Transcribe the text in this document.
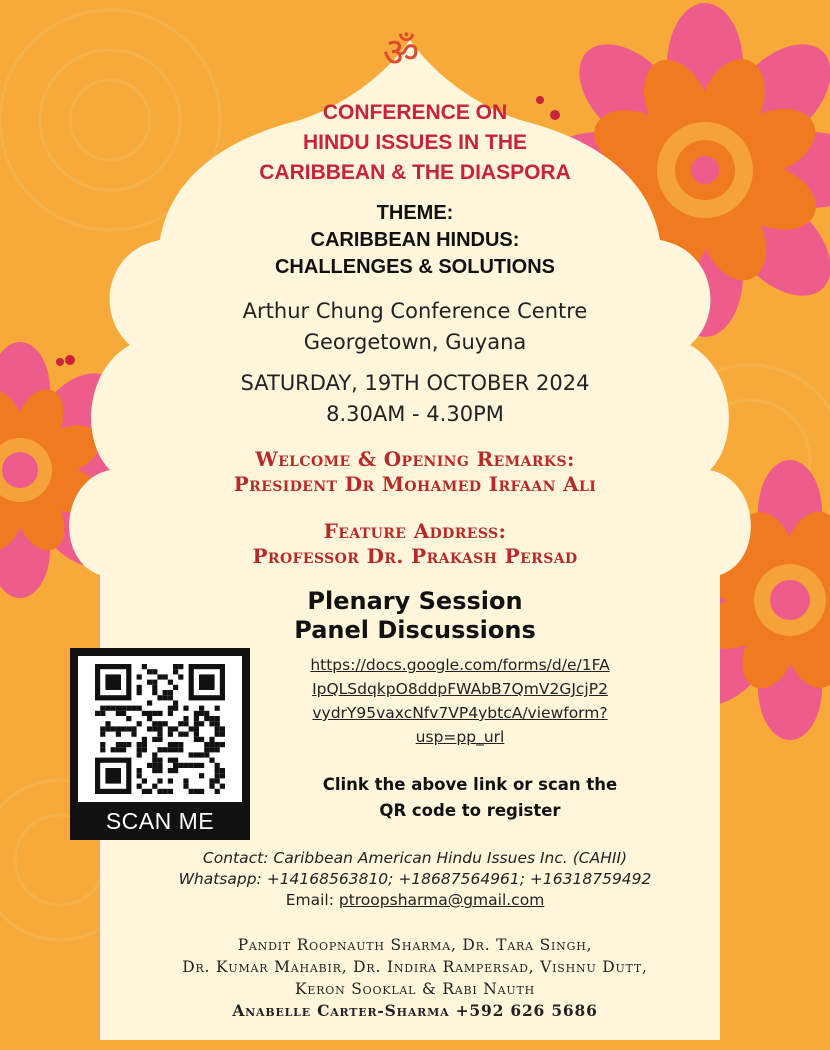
ॐ
CONFERENCE ON
HINDU ISSUES IN THE
CARIBBEAN & THE DIASPORA
THEME:
CARIBBEAN HINDUS:
CHALLENGES & SOLUTIONS
Arthur Chung Conference Centre
Georgetown, Guyana
SATURDAY, 19TH OCTOBER 2024
8.30AM - 4.30PM
Welcome & Opening Remarks:
President Dr Mohamed Irfaan Ali
Feature Address:
Professor Dr. Prakash Persad
Plenary Session
Panel Discussions
SCAN ME
https://docs.google.com/forms/d/e/1FA
IpQLSdqkpO8ddpFWAbB7QmV2GJcjP2
vydrY95vaxcNfv7VP4ybtcA/viewform?
usp=pp_url
Clink the above link or scan the
QR code to register
Contact: Caribbean American Hindu Issues Inc. (CAHII)
Whatsapp: +14168563810; +18687564961; +16318759492
Email: ptroopsharma@gmail.com
Pandit Roopnauth Sharma, Dr. Tara Singh,
Dr. Kumar Mahabir, Dr. Indira Rampersad, Vishnu Dutt,
Keron Sooklal & Rabi Nauth
Anabelle Carter-Sharma +592 626 5686
